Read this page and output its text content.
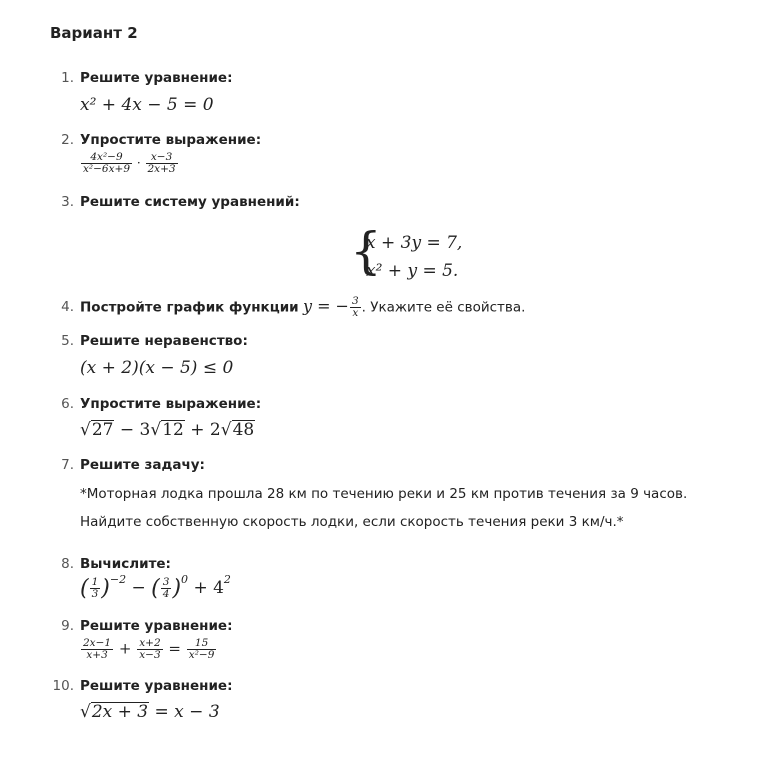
Вариант 2
1. Решите уравнение:
x² + 4x − 5 = 0
2. Упростите выражение:
$\frac{\text{4x²−9}}{\text{x²−6x+9}} \cdot \frac{x-3}{2x+3}$
3. Решите систему уравнений:
{
x + 3y = 7,
x² + y = 5.
4. Постройте график функции y = − $\frac{3}{x}$ . Укажите её свойства.
5. Решите неравенство:
(x + 2)(x − 5) ≤ 0
6. Упростите выражение:
√27 − 3√12 + 2√48
7. Решите задачу:
*Моторная лодка прошла 28 км по течению реки и 25 км против течения за 9 часов.
Найдите собственную скорость лодки, если скорость течения реки 3 км/ч.*
8. Вычислите:
( $\frac{1}{3} )^{-2}$ − ( $\frac{3}{4} )^0 + 4^2$
9. Решите уравнение:
$\frac{2x-1}{x+3} + \frac{x+2}{x-3} = \frac{15}{\text{x²−9}}$
10. Решите уравнение:
√2x + 3 = x − 3
